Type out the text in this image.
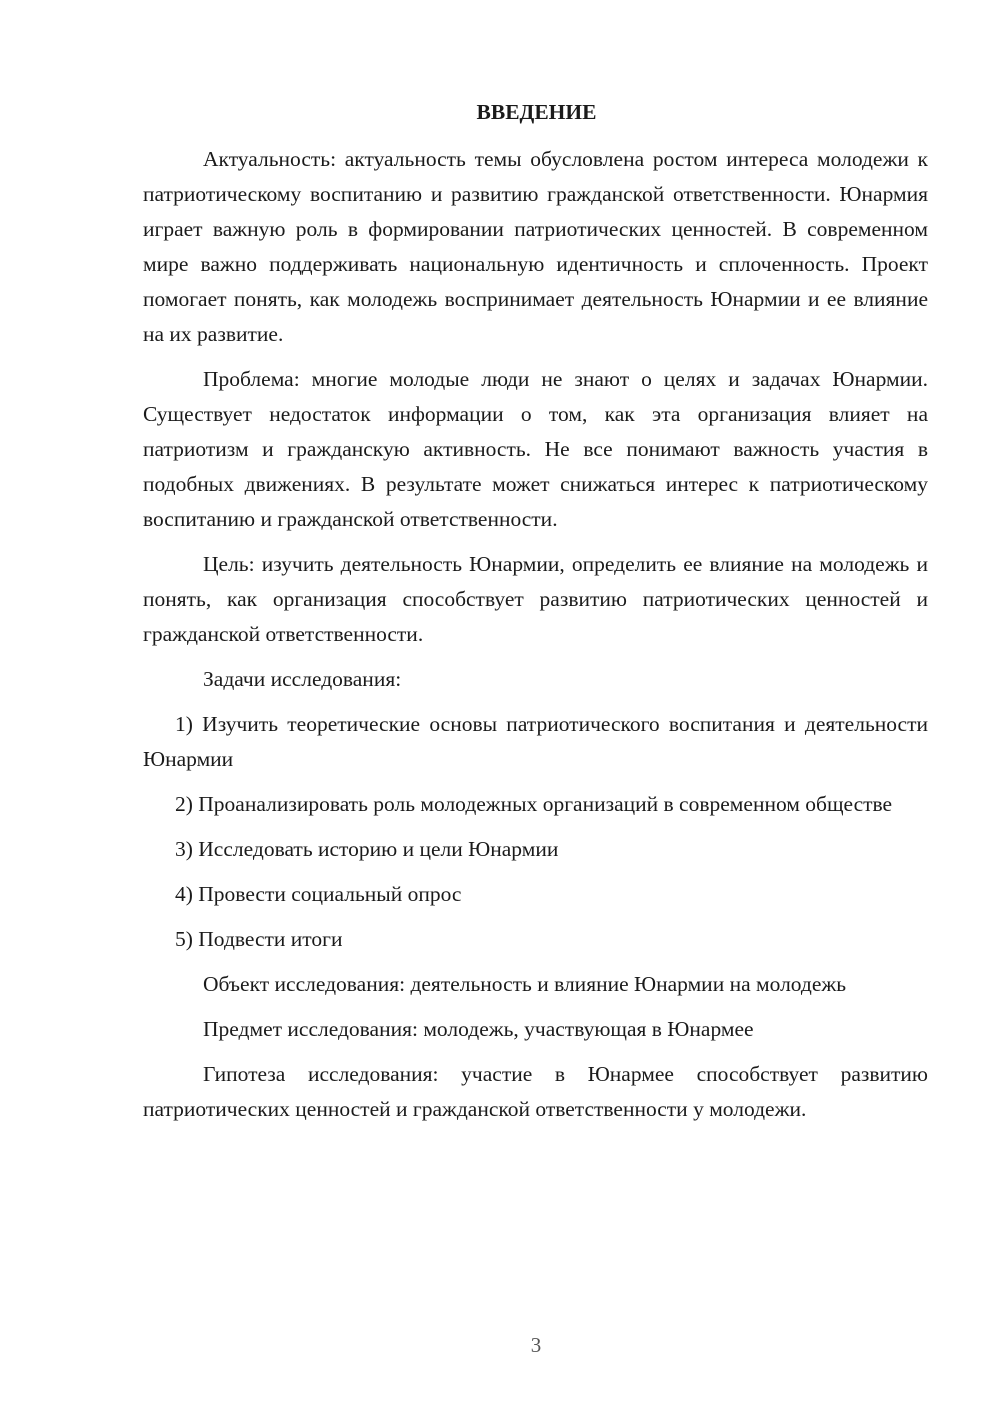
ВВЕДЕНИЕ

Актуальность: актуальность темы обусловлена ростом интереса молодежи к патриотическому воспитанию и развитию гражданской ответственности. Юнармия играет важную роль в формировании патриотических ценностей. В современном мире важно поддерживать национальную идентичность и сплоченность. Проект помогает понять, как молодежь воспринимает деятельность Юнармии и ее влияние на их развитие.

Проблема: многие молодые люди не знают о целях и задачах Юнармии. Существует недостаток информации о том, как эта организация влияет на патриотизм и гражданскую активность. Не все понимают важность участия в подобных движениях. В результате может снижаться интерес к патриотическому воспитанию и гражданской ответственности.

Цель: изучить деятельность Юнармии, определить ее влияние на молодежь и понять, как организация способствует развитию патриотических ценностей и гражданской ответственности.

Задачи исследования:

1) Изучить теоретические основы патриотического воспитания и деятельности Юнармии

2) Проанализировать роль молодежных организаций в современном обществе

3) Исследовать историю и цели Юнармии

4) Провести социальный опрос

5) Подвести итоги

Объект исследования: деятельность и влияние Юнармии на молодежь

Предмет исследования: молодежь, участвующая в Юнармее

Гипотеза исследования: участие в Юнармее способствует развитию патриотических ценностей и гражданской ответственности у молодежи.

3
